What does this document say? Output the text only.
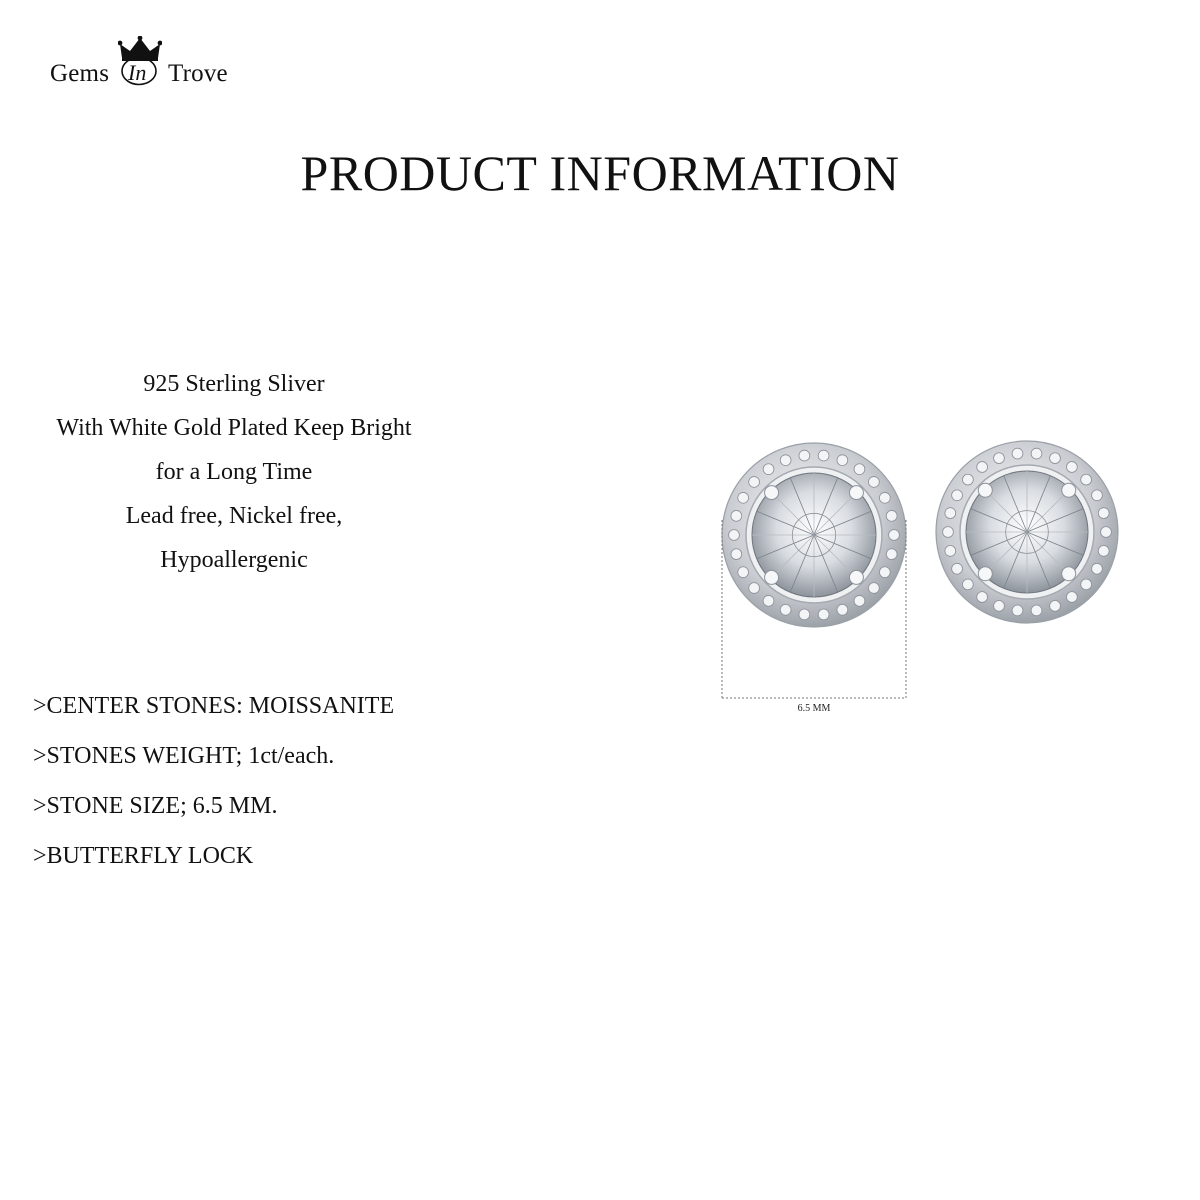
Gems In Trove
PRODUCT INFORMATION
925 Sterling Sliver
With White Gold Plated Keep Bright
for a Long Time
Lead free, Nickel free,
Hypoallergenic
>CENTER STONES: MOISSANITE
>STONES WEIGHT; 1ct/each.
>STONE SIZE; 6.5 MM.
>BUTTERFLY LOCK
6.5 MM
